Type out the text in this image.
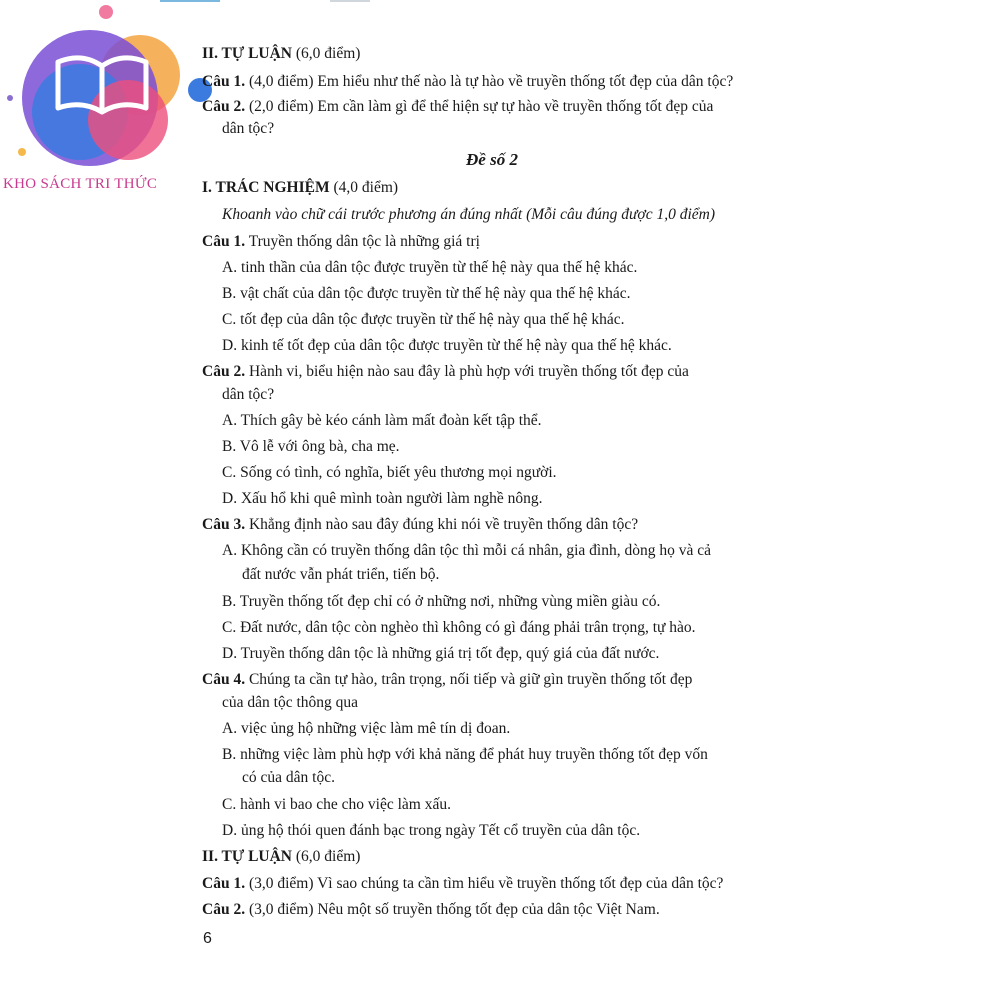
KHO SÁCH TRI THỨC
II. TỰ LUẬN (6,0 điểm)
Câu 1. (4,0 điểm) Em hiểu như thế nào là tự hào về truyền thống tốt đẹp của dân tộc?
Câu 2. (2,0 điểm) Em cần làm gì để thể hiện sự tự hào về truyền thống tốt đẹp của
dân tộc?
Đề số 2
I. TRÁC NGHIỆM (4,0 điểm)
Khoanh vào chữ cái trước phương án đúng nhất (Mỗi câu đúng được 1,0 điểm)
Câu 1. Truyền thống dân tộc là những giá trị
A. tinh thần của dân tộc được truyền từ thế hệ này qua thế hệ khác.
B. vật chất của dân tộc được truyền từ thế hệ này qua thế hệ khác.
C. tốt đẹp của dân tộc được truyền từ thế hệ này qua thế hệ khác.
D. kinh tế tốt đẹp của dân tộc được truyền từ thế hệ này qua thế hệ khác.
Câu 2. Hành vi, biểu hiện nào sau đây là phù hợp với truyền thống tốt đẹp của
dân tộc?
A. Thích gây bè kéo cánh làm mất đoàn kết tập thể.
B. Vô lễ với ông bà, cha mẹ.
C. Sống có tình, có nghĩa, biết yêu thương mọi người.
D. Xấu hổ khi quê mình toàn người làm nghề nông.
Câu 3. Khẳng định nào sau đây đúng khi nói về truyền thống dân tộc?
A. Không cần có truyền thống dân tộc thì mỗi cá nhân, gia đình, dòng họ và cả
đất nước vẫn phát triển, tiến bộ.
B. Truyền thống tốt đẹp chỉ có ở những nơi, những vùng miền giàu có.
C. Đất nước, dân tộc còn nghèo thì không có gì đáng phải trân trọng, tự hào.
D. Truyền thống dân tộc là những giá trị tốt đẹp, quý giá của đất nước.
Câu 4. Chúng ta cần tự hào, trân trọng, nối tiếp và giữ gìn truyền thống tốt đẹp
của dân tộc thông qua
A. việc ủng hộ những việc làm mê tín dị đoan.
B. những việc làm phù hợp với khả năng để phát huy truyền thống tốt đẹp vốn
có của dân tộc.
C. hành vi bao che cho việc làm xấu.
D. ủng hộ thói quen đánh bạc trong ngày Tết cổ truyền của dân tộc.
II. TỰ LUẬN (6,0 điểm)
Câu 1. (3,0 điểm) Vì sao chúng ta cần tìm hiểu về truyền thống tốt đẹp của dân tộc?
Câu 2. (3,0 điểm) Nêu một số truyền thống tốt đẹp của dân tộc Việt Nam.
6
